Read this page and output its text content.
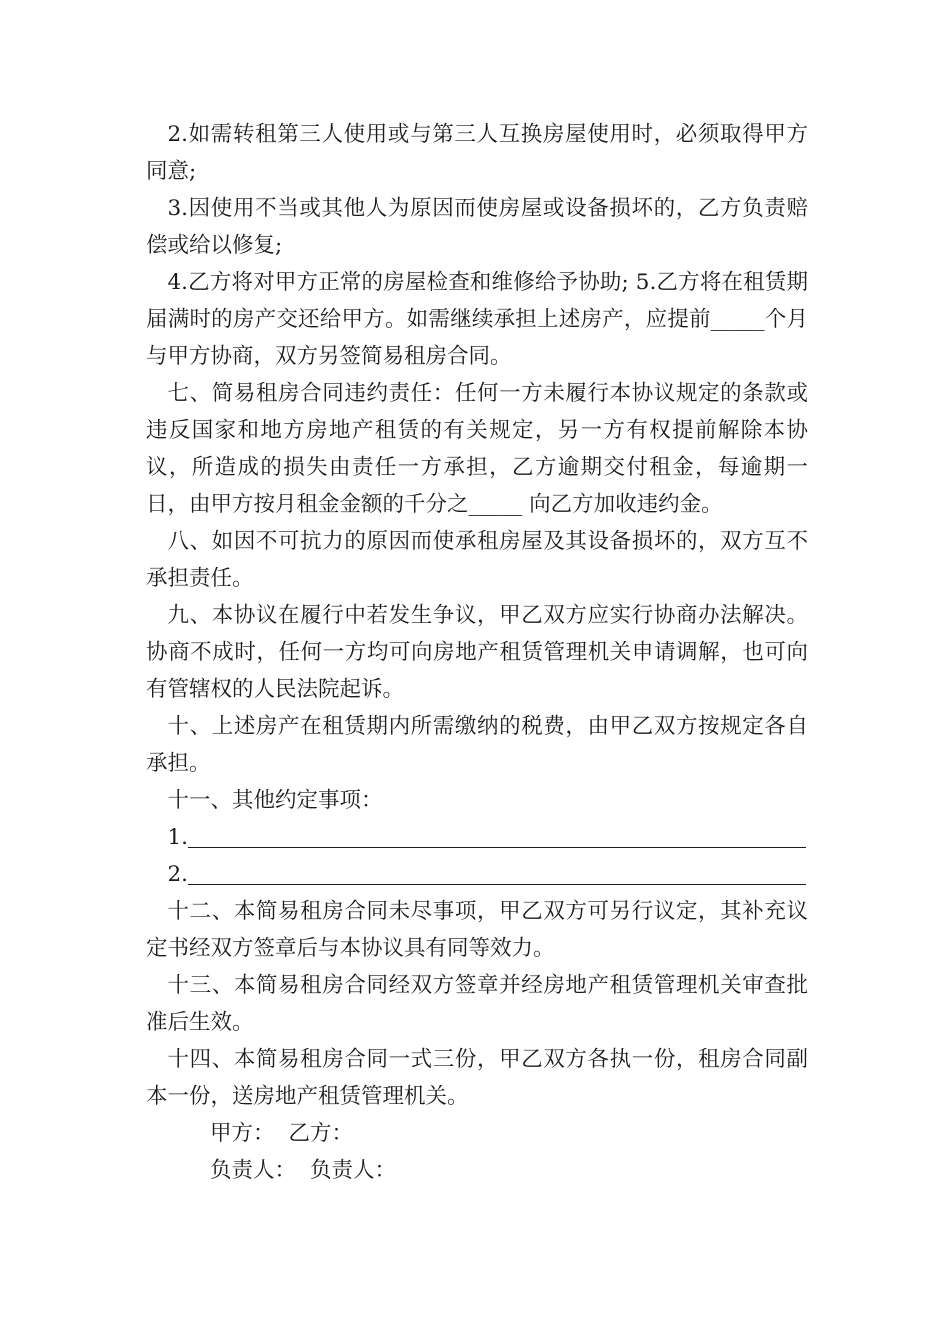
2.如需转租第三人使用或与第三人互换房屋使用时，必须取得甲方同意;

3.因使用不当或其他人为原因而使房屋或设备损坏的，乙方负责赔偿或给以修复;

4.乙方将对甲方正常的房屋检查和维修给予协助; 5.乙方将在租赁期届满时的房产交还给甲方。如需继续承担上述房产，应提前_____个月与甲方协商，双方另签简易租房合同。

七、简易租房合同违约责任：任何一方未履行本协议规定的条款或违反国家和地方房地产租赁的有关规定，另一方有权提前解除本协议，所造成的损失由责任一方承担，乙方逾期交付租金，每逾期一日，由甲方按月租金金额的千分之_____ 向乙方加收违约金。

八、如因不可抗力的原因而使承租房屋及其设备损坏的，双方互不承担责任。

九、本协议在履行中若发生争议，甲乙双方应实行协商办法解决。协商不成时，任何一方均可向房地产租赁管理机关申请调解，也可向有管辖权的人民法院起诉。

十、上述房产在租赁期内所需缴纳的税费，由甲乙双方按规定各自承担。

十一、其他约定事项：

1.

2.

十二、本简易租房合同未尽事项，甲乙双方可另行议定，其补充议定书经双方签章后与本协议具有同等效力。

十三、本简易租房合同经双方签章并经房地产租赁管理机关审查批准后生效。

十四、本简易租房合同一式三份，甲乙双方各执一份，租房合同副本一份，送房地产租赁管理机关。

甲方： 乙方：

负责人： 负责人：
